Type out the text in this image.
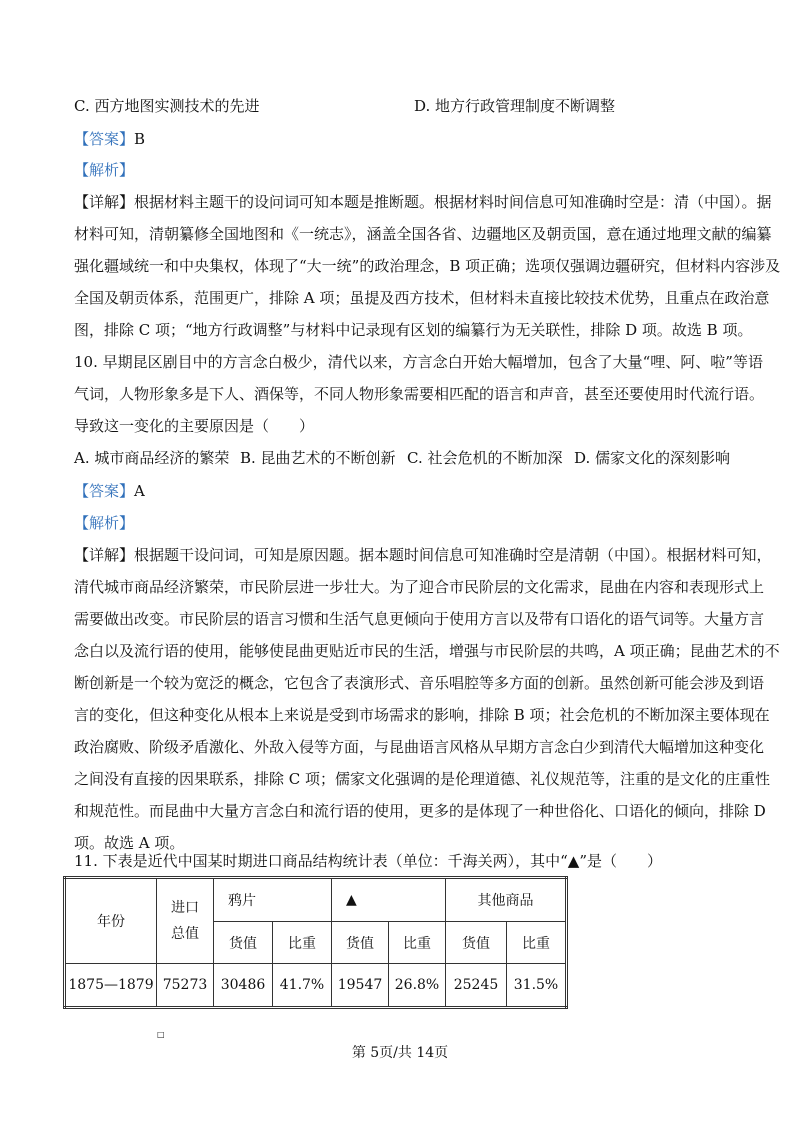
C. 西方地图实测技术的先进	D. 地方行政管理制度不断调整
【答案】B
【解析】
【详解】根据材料主题干的设问词可知本题是推断题。根据材料时间信息可知准确时空是：清（中国）。据
材料可知，清朝纂修全国地图和《一统志》，涵盖全国各省、边疆地区及朝贡国，意在通过地理文献的编纂
强化疆域统一和中央集权，体现了“大一统”的政治理念，B 项正确；选项仅强调边疆研究，但材料内容涉及
全国及朝贡体系，范围更广，排除 A 项；虽提及西方技术，但材料未直接比较技术优势，且重点在政治意
图，排除 C 项；“地方行政调整”与材料中记录现有区划的编纂行为无关联性，排除 D 项。故选 B 项。
10. 早期昆区剧目中的方言念白极少，清代以来，方言念白开始大幅增加，包含了大量“哩、阿、啦”等语
气词，人物形象多是下人、酒保等，不同人物形象需要相匹配的语言和声音，甚至还要使用时代流行语。
导致这一变化的主要原因是（　　）
A. 城市商品经济的繁荣 B. 昆曲艺术的不断创新 C. 社会危机的不断加深 D. 儒家文化的深刻影响
【答案】A
【解析】
【详解】根据题干设问词，可知是原因题。据本题时间信息可知准确时空是清朝（中国）。根据材料可知，
清代城市商品经济繁荣，市民阶层进一步壮大。为了迎合市民阶层的文化需求，昆曲在内容和表现形式上
需要做出改变。市民阶层的语言习惯和生活气息更倾向于使用方言以及带有口语化的语气词等。大量方言
念白以及流行语的使用，能够使昆曲更贴近市民的生活，增强与市民阶层的共鸣，A 项正确；昆曲艺术的不
断创新是一个较为宽泛的概念，它包含了表演形式、音乐唱腔等多方面的创新。虽然创新可能会涉及到语
言的变化，但这种变化从根本上来说是受到市场需求的影响，排除 B 项；社会危机的不断加深主要体现在
政治腐败、阶级矛盾激化、外敌入侵等方面，与昆曲语言风格从早期方言念白少到清代大幅增加这种变化
之间没有直接的因果联系，排除 C 项；儒家文化强调的是伦理道德、礼仪规范等，注重的是文化的庄重性
和规范性。而昆曲中大量方言念白和流行语的使用，更多的是体现了一种世俗化、口语化的倾向，排除 D
项。故选 A 项。
11. 下表是近代中国某时期进口商品结构统计表（单位：千海关两），其中“▲”是（　　）
年份	进口总值	鸦片		▲		其他商品	
		货值	比重	货值	比重	货值	比重
1875—1879	75273	30486	41.7%	19547	26.8%	25245	31.5%
□
第 5页/共 14页
